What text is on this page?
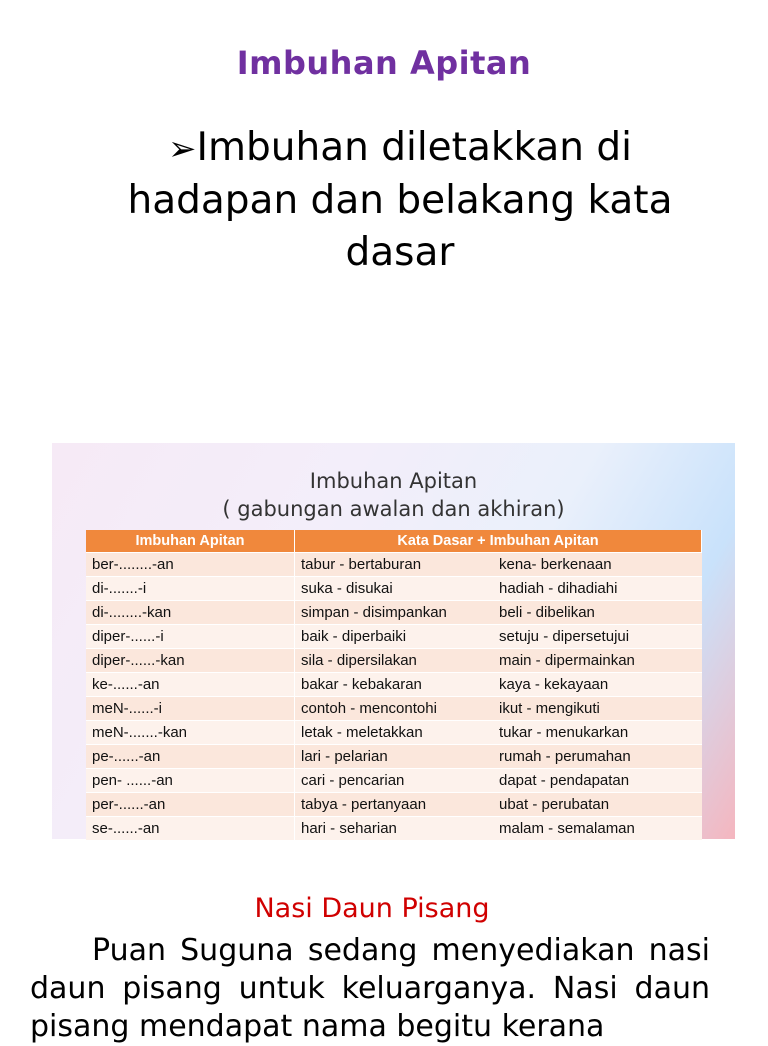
Imbuhan Apitan
➢Imbuhan diletakkan di hadapan dan belakang kata dasar
Imbuhan Apitan
( gabungan awalan dan akhiran)
Imbuhan Apitan	Kata Dasar + Imbuhan Apitan	
ber-........-an	tabur - bertaburan	kena- berkenaan
di-.......-i	suka - disukai	hadiah - dihadiahi
di-........-kan	simpan - disimpankan	beli - dibelikan
diper-......-i	baik - diperbaiki	setuju - dipersetujui
diper-......-kan	sila - dipersilakan	main - dipermainkan
ke-......-an	bakar - kebakaran	kaya - kekayaan
meN-......-i	contoh - mencontohi	ikut - mengikuti
meN-.......-kan	letak - meletakkan	tukar - menukarkan
pe-......-an	lari - pelarian	rumah - perumahan
pen- ......-an	cari - pencarian	dapat - pendapatan
per-......-an	tabya - pertanyaan	ubat - perubatan
se-......-an	hari - seharian	malam - semalaman
Nasi Daun Pisang
Puan Suguna sedang menyediakan nasi daun pisang untuk keluarganya. Nasi daun pisang mendapat nama begitu kerana
